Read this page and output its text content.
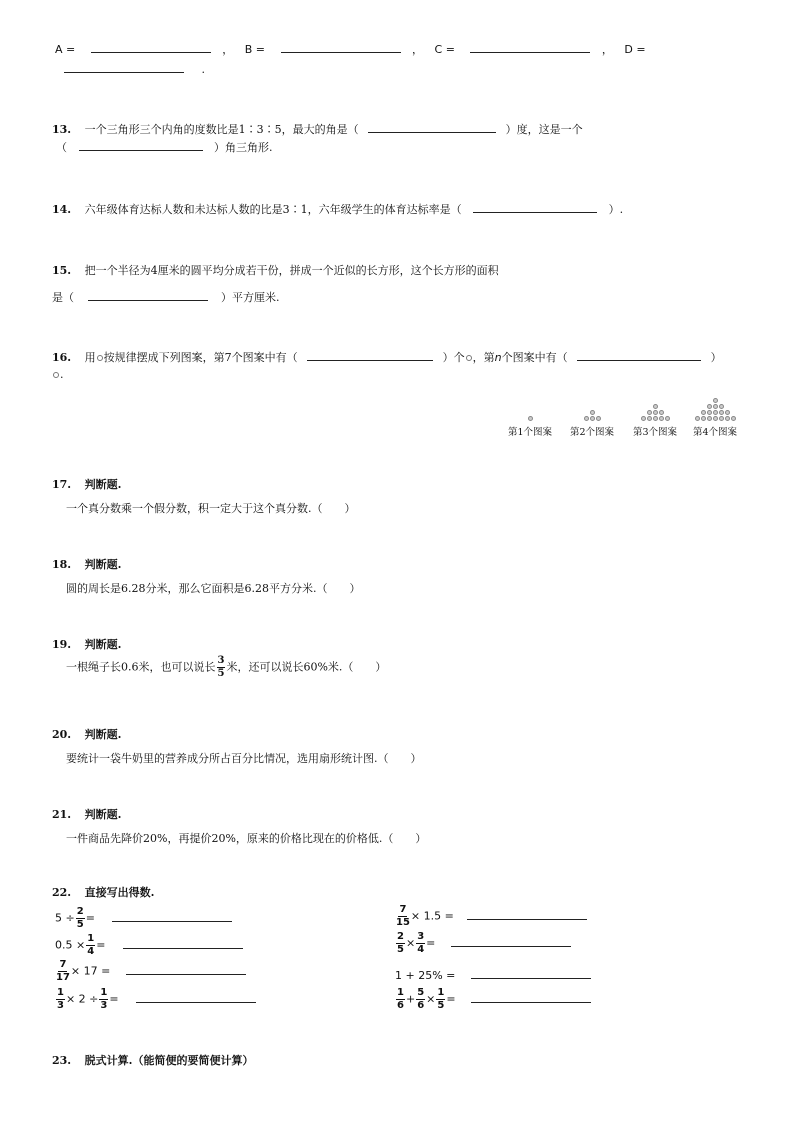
A =	， B =	， C =	， D =
.
13. 一个三角形三个内角的度数比是1∶3∶5，最大的角是（	）度，这是一个
（	）角三角形.
14. 六年级体育达标人数和未达标人数的比是3∶1，六年级学生的体育达标率是（	）.
15. 把一个半径为4厘米的圆平均分成若干份，拼成一个近似的长方形，这个长方形的面积
是（	）平方厘米.
16. 用 按规律摆成下列图案，第7个图案中有（	）个 ，第n个图案中有（	）
.
第1个图案 第2个图案 第3个图案 第4个图案
17. 判断题.
一个真分数乘一个假分数，积一定大于这个真分数.（　　）
18. 判断题.
圆的周长是6.28分米，那么它面积是6.28平方分米.（　　）
19. 判断题.
一根绳子长0.6米，也可以说长 $\frac{3}{5}$ 米，还可以说长60%米.（　　）
20. 判断题.
要统计一袋牛奶里的营养成分所占百分比情况，选用扇形统计图.（　　）
21. 判断题.
一件商品先降价20%，再提价20%，原来的价格比现在的价格低.（　　）
22. 直接写出得数.
$5 \div \frac{2}{5}$ =	$\frac{7}{15} \times 1.5$ =
$0.5 \times \frac{1}{4}$ =	$\frac{2}{5} \times \frac{3}{4}$ =
$\frac{7}{17} \times 17$ =	1 + 25% =
$\frac{1}{3} \times 2 \div \frac{1}{3}$ =	$\frac{1}{6} + \frac{5}{6} \times \frac{1}{5}$ =
23. 脱式计算.（能简便的要简便计算）
